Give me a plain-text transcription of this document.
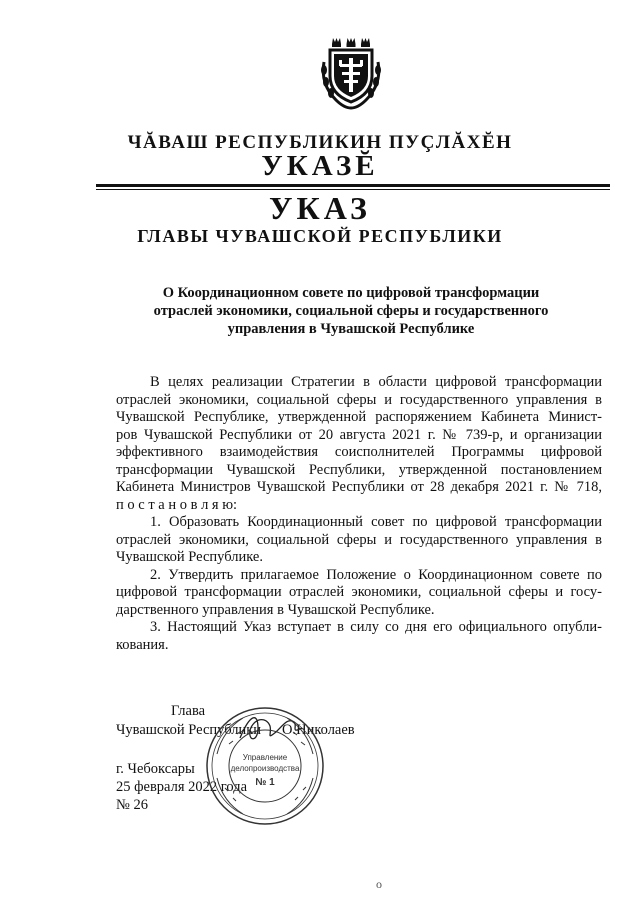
ЧĂВАШ РЕСПУБЛИКИН ПУÇЛĂХĔН
УКАЗĔ
УКАЗ
ГЛАВЫ ЧУВАШСКОЙ РЕСПУБЛИКИ
О Координационном совете по цифровой трансформации
отраслей экономики, социальной сферы и государственного
управления в Чувашской Республике
В целях реализации Стратегии в области цифровой трансформации
отраслей экономики, социальной сферы и государственного управления в
Чувашской Республике, утвержденной распоряжением Кабинета Минист-
ров Чувашской Республики от 20 августа 2021 г. № 739-р, и организации
эффективного взаимодействия соисполнителей Программы цифровой
трансформации Чувашской Республики, утвержденной постановлением
Кабинета Министров Чувашской Республики от 28 декабря 2021 г. № 718,
п о с т а н о в л я ю:
1. Образовать Координационный совет по цифровой трансформации
отраслей экономики, социальной сферы и государственного управления в
Чувашской Республике.
2. Утвердить прилагаемое Положение о Координационном совете по
цифровой трансформации отраслей экономики, социальной сферы и госу-
дарственного управления в Чувашской Республике.
3. Настоящий Указ вступает в силу со дня его официального опубли-
кования.
Глава
Чувашской Республики О.Николаев
г. Чебоксары
25 февраля 2022 года
№ 26
Управление
делопроизводства
№ 1
о
